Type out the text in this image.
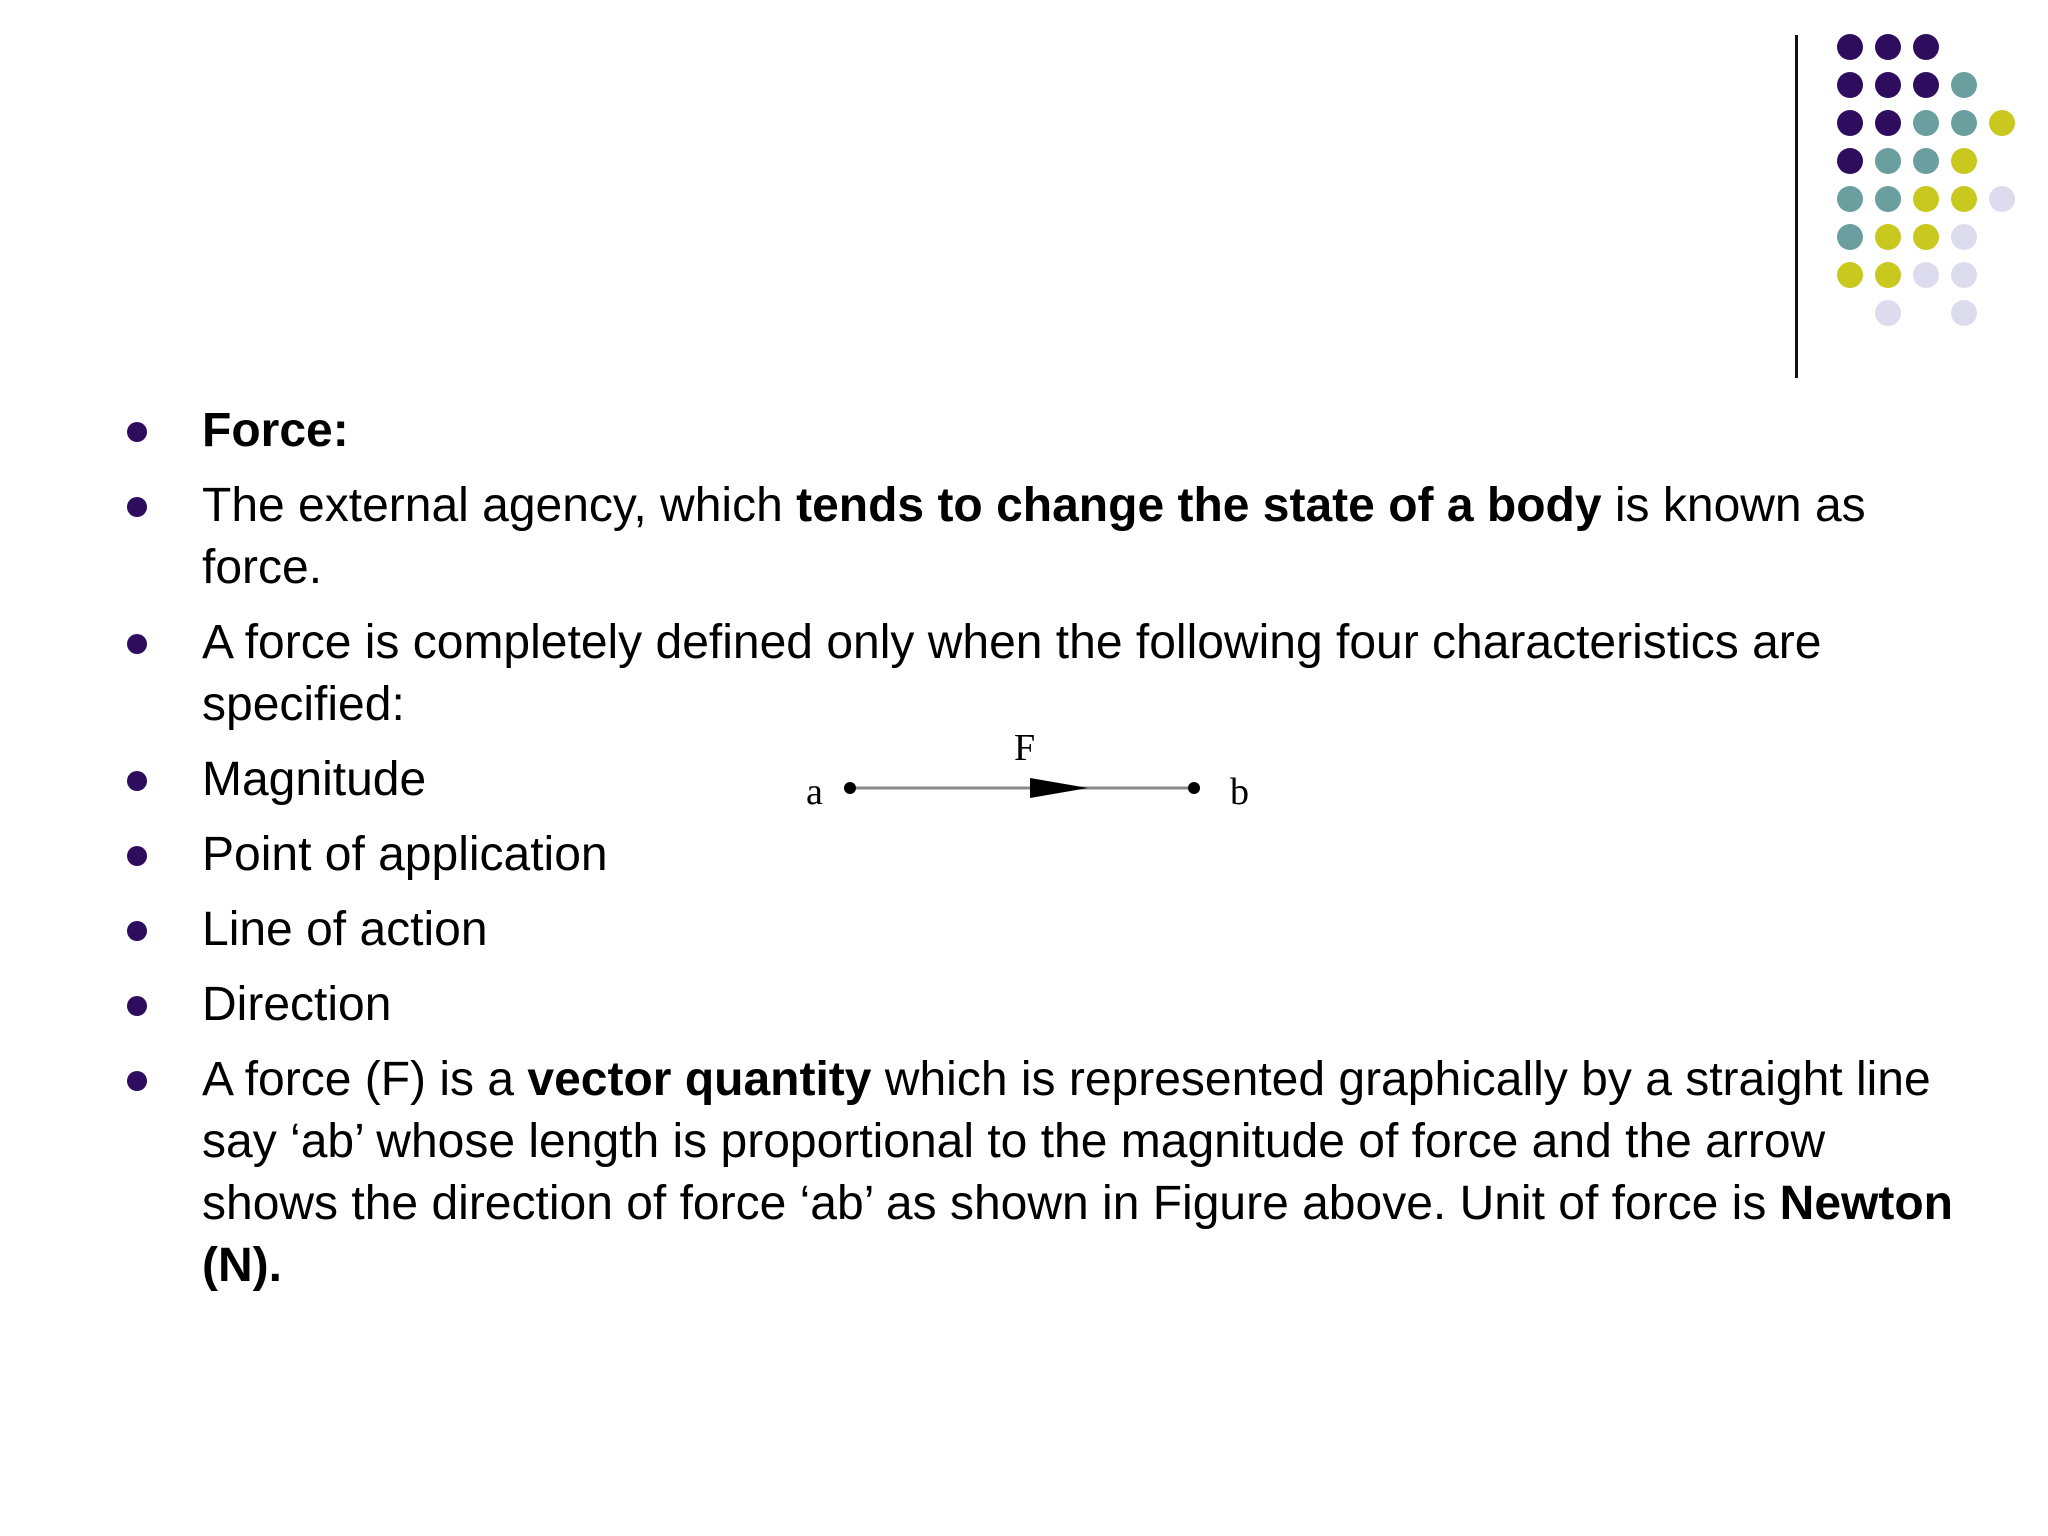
Force:
The external agency, which tends to change the state of a body is known as force.
A force is completely defined only when the following four characteristics are specified:
Magnitude
Point of application
Line of action
Direction
A force (F) is a vector quantity which is represented graphically by a straight line say ‘ab’ whose length is proportional to the magnitude of force and the arrow shows the direction of force ‘ab’ as shown in Figure above. Unit of force is Newton (N).
a	b
F
